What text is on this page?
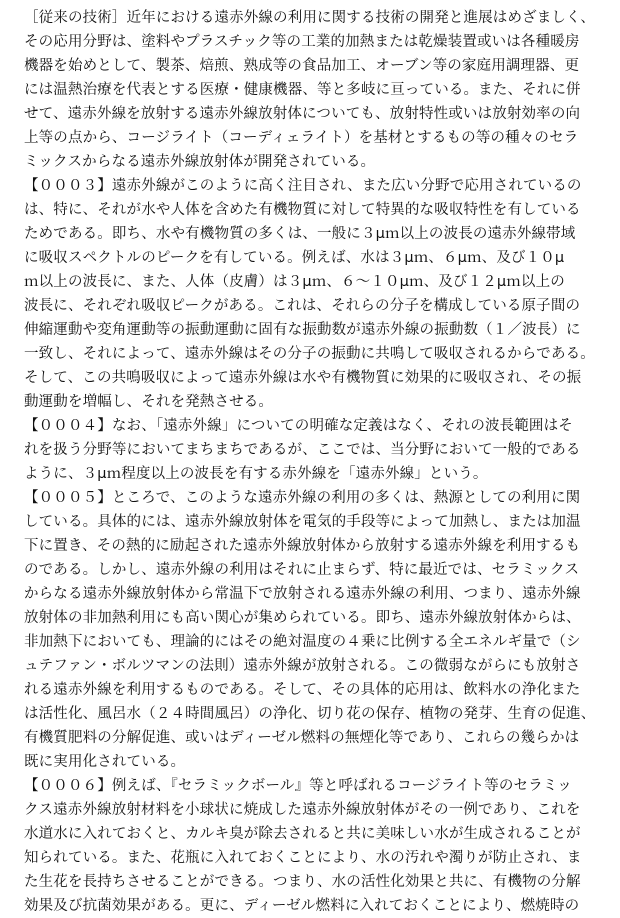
［従来の技術］近年における遠赤外線の利用に関する技術の開発と進展はめざましく、
その応用分野は、塗料やプラスチック等の工業的加熱または乾燥装置或いは各種暖房
機器を始めとして、製茶、焙煎、熟成等の食品加工、オーブン等の家庭用調理器、更
には温熱治療を代表とする医療・健康機器、等と多岐に亘っている。また、それに併
せて、遠赤外線を放射する遠赤外線放射体についても、放射特性或いは放射効率の向
上等の点から、コージライト（コーディェライト）を基材とするもの等の種々のセラ
ミックスからなる遠赤外線放射体が開発されている。

【０００３】遠赤外線がこのように高く注目され、また広い分野で応用されているの
は、特に、それが水や人体を含めた有機物質に対して特異的な吸収特性を有している
ためである。即ち、水や有機物質の多くは、一般に３μｍ以上の波長の遠赤外線帯域
に吸収スペクトルのピークを有している。例えば、水は３μｍ、６μｍ、及び１０μ
ｍ以上の波長に、また、人体（皮膚）は３μｍ、６～１０μｍ、及び１２μｍ以上の
波長に、それぞれ吸収ピークがある。これは、それらの分子を構成している原子間の
伸縮運動や変角運動等の振動運動に固有な振動数が遠赤外線の振動数（１／波長）に
一致し、それによって、遠赤外線はその分子の振動に共鳴して吸収されるからである。
そして、この共鳴吸収によって遠赤外線は水や有機物質に効果的に吸収され、その振
動運動を増幅し、それを発熱させる。

【０００４】なお、「遠赤外線」についての明確な定義はなく、それの波長範囲はそ
れを扱う分野等においてまちまちであるが、ここでは、当分野において一般的である
ように、３μｍ程度以上の波長を有する赤外線を「遠赤外線」という。

【０００５】ところで、このような遠赤外線の利用の多くは、熱源としての利用に関
している。具体的には、遠赤外線放射体を電気的手段等によって加熱し、または加温
下に置き、その熱的に励起された遠赤外線放射体から放射する遠赤外線を利用するも
のである。しかし、遠赤外線の利用はそれに止まらず、特に最近では、セラミックス
からなる遠赤外線放射体から常温下で放射される遠赤外線の利用、つまり、遠赤外線
放射体の非加熱利用にも高い関心が集められている。即ち、遠赤外線放射体からは、
非加熱下においても、理論的にはその絶対温度の４乗に比例する全エネルギ量で（シ
ュテファン・ボルツマンの法則）遠赤外線が放射される。この微弱ながらにも放射さ
れる遠赤外線を利用するものである。そして、その具体的応用は、飲料水の浄化また
は活性化、風呂水（２４時間風呂）の浄化、切り花の保存、植物の発芽、生育の促進、
有機質肥料の分解促進、或いはディーゼル燃料の無煙化等であり、これらの幾らかは
既に実用化されている。

【０００６】例えば、『セラミックボール』等と呼ばれるコージライト等のセラミッ
クス遠赤外線放射材料を小球状に焼成した遠赤外線放射体がその一例であり、これを
水道水に入れておくと、カルキ臭が除去されると共に美味しい水が生成されることが
知られている。また、花瓶に入れておくことにより、水の汚れや濁りが防止され、ま
た生花を長持ちさせることができる。つまり、水の活性化効果と共に、有機物の分解
効果及び抗菌効果がある。更に、ディーゼル燃料に入れておくことにより、燃焼時の
